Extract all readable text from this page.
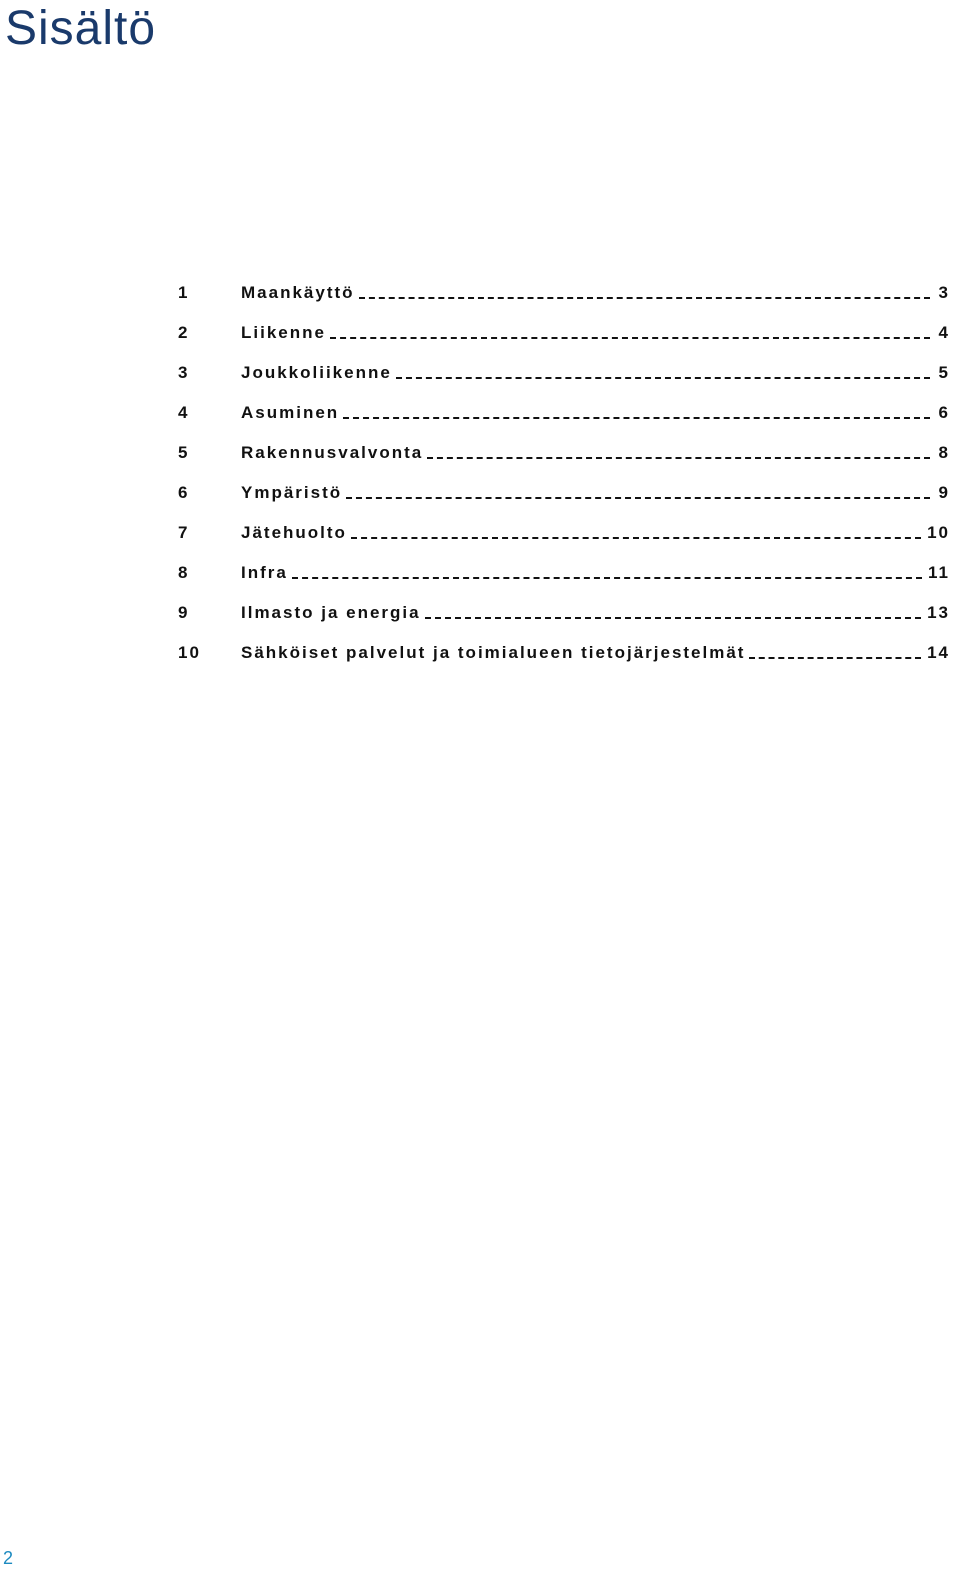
Sisältö
1	Maankäyttö	3
2	Liikenne	4
3	Joukkoliikenne	5
4	Asuminen	6
5	Rakennusvalvonta	8
6	Ympäristö	9
7	Jätehuolto	10
8	Infra	11
9	Ilmasto ja energia	13
10	Sähköiset palvelut ja toimialueen tietojärjestelmät	14
2
